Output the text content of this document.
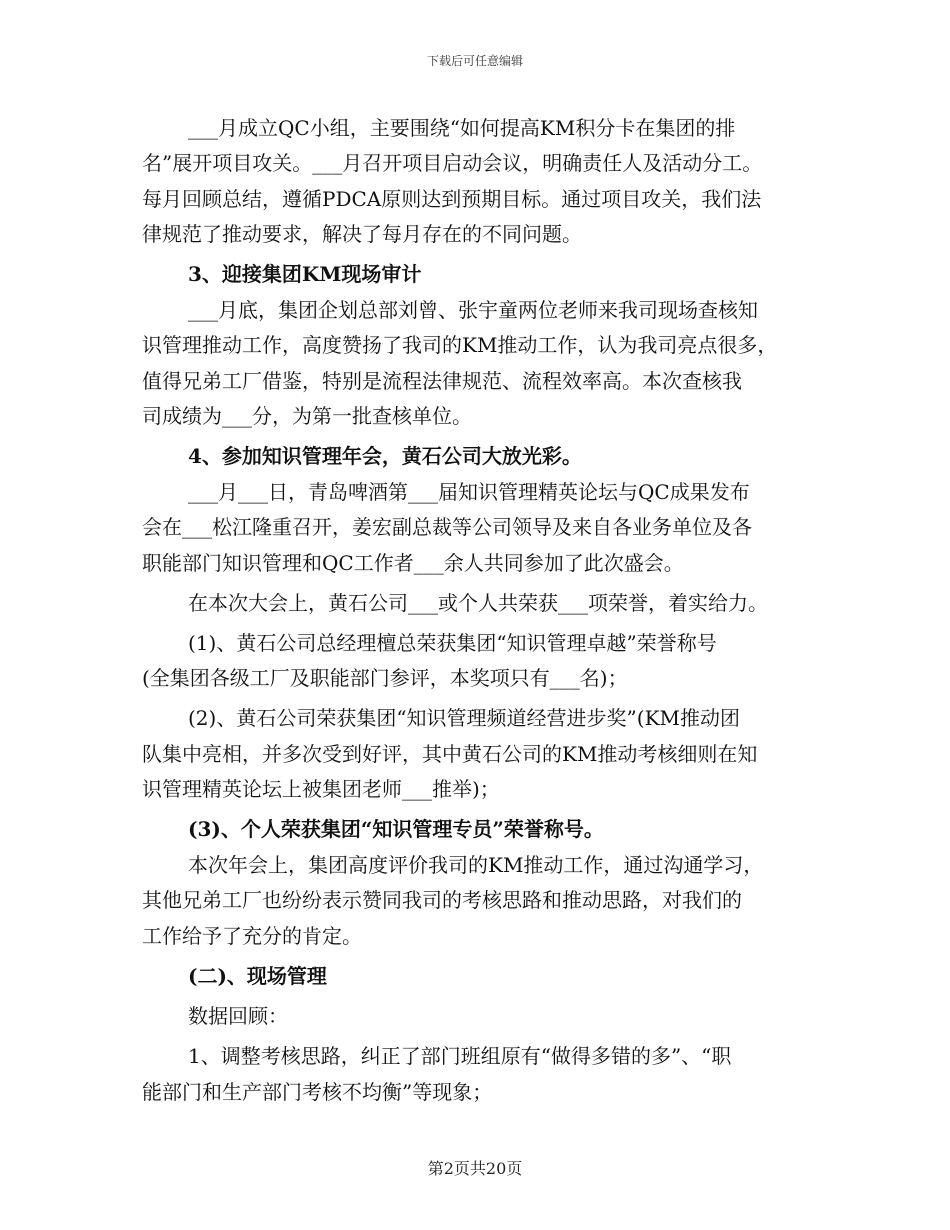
下载后可任意编辑
___月成立QC小组，主要围绕“如何提高KM积分卡在集团的排
名”展开项目攻关。___月召开项目启动会议，明确责任人及活动分工。
每月回顾总结，遵循PDCA原则达到预期目标。通过项目攻关，我们法
律规范了推动要求，解决了每月存在的不同问题。
3、迎接集团KM现场审计
___月底，集团企划总部刘曾、张宇童两位老师来我司现场查核知
识管理推动工作，高度赞扬了我司的KM推动工作，认为我司亮点很多，
值得兄弟工厂借鉴，特别是流程法律规范、流程效率高。本次查核我
司成绩为___分，为第一批查核单位。
4、参加知识管理年会，黄石公司大放光彩。
___月___日，青岛啤酒第___届知识管理精英论坛与QC成果发布
会在___松江隆重召开，姜宏副总裁等公司领导及来自各业务单位及各
职能部门知识管理和QC工作者___余人共同参加了此次盛会。
在本次大会上，黄石公司___或个人共荣获___项荣誉，着实给力。
(1)、黄石公司总经理檀总荣获集团“知识管理卓越”荣誉称号
(全集团各级工厂及职能部门参评，本奖项只有___名)；
(2)、黄石公司荣获集团“知识管理频道经营进步奖”(KM推动团
队集中亮相，并多次受到好评，其中黄石公司的KM推动考核细则在知
识管理精英论坛上被集团老师___推举)；
(3)、个人荣获集团“知识管理专员”荣誉称号。
本次年会上，集团高度评价我司的KM推动工作，通过沟通学习，
其他兄弟工厂也纷纷表示赞同我司的考核思路和推动思路，对我们的
工作给予了充分的肯定。
(二)、现场管理
数据回顾：
1、调整考核思路，纠正了部门班组原有“做得多错的多”、“职
能部门和生产部门考核不均衡”等现象；
第2页共20页
